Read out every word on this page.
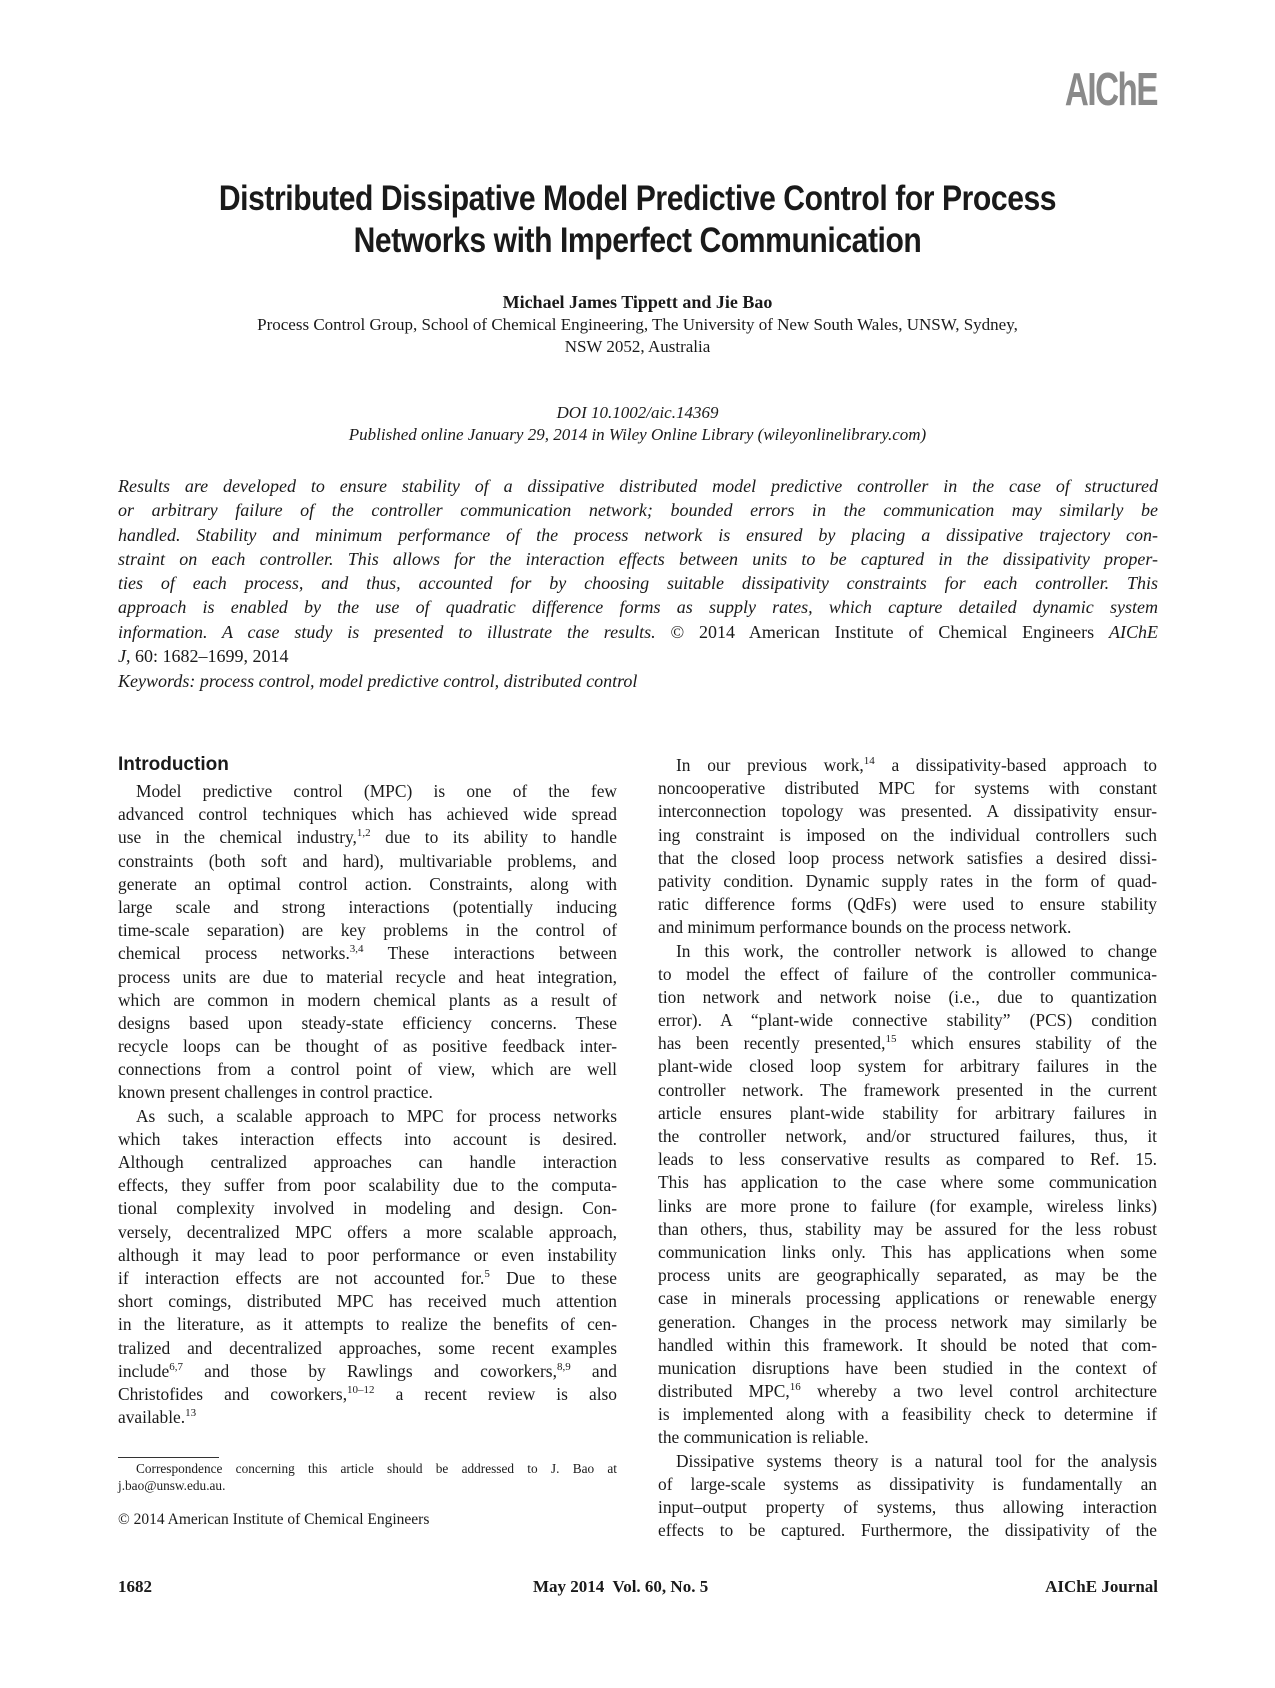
AIChE
Distributed Dissipative Model Predictive Control for Process
Networks with Imperfect Communication
Michael James Tippett and Jie Bao
Process Control Group, School of Chemical Engineering, The University of New South Wales, UNSW, Sydney,
NSW 2052, Australia
DOI 10.1002/aic.14369
Published online January 29, 2014 in Wiley Online Library (wileyonlinelibrary.com)
Results are developed to ensure stability of a dissipative distributed model predictive controller in the case of structured
or arbitrary failure of the controller communication network; bounded errors in the communication may similarly be
handled. Stability and minimum performance of the process network is ensured by placing a dissipative trajectory con-
straint on each controller. This allows for the interaction effects between units to be captured in the dissipativity proper-
ties of each process, and thus, accounted for by choosing suitable dissipativity constraints for each controller. This
approach is enabled by the use of quadratic difference forms as supply rates, which capture detailed dynamic system
information. A case study is presented to illustrate the results. © 2014 American Institute of Chemical Engineers AIChE
J, 60: 1682–1699, 2014
Keywords: process control, model predictive control, distributed control
Introduction
Model predictive control (MPC) is one of the few
advanced control techniques which has achieved wide spread
use in the chemical industry,$^{1,2}$ due to its ability to handle
constraints (both soft and hard), multivariable problems, and
generate an optimal control action. Constraints, along with
large scale and strong interactions (potentially inducing
time-scale separation) are key problems in the control of
chemical process networks.$^{3,4}$ These interactions between
process units are due to material recycle and heat integration,
which are common in modern chemical plants as a result of
designs based upon steady-state efficiency concerns. These
recycle loops can be thought of as positive feedback inter-
connections from a control point of view, which are well
known present challenges in control practice.
As such, a scalable approach to MPC for process networks
which takes interaction effects into account is desired.
Although centralized approaches can handle interaction
effects, they suffer from poor scalability due to the computa-
tional complexity involved in modeling and design. Con-
versely, decentralized MPC offers a more scalable approach,
although it may lead to poor performance or even instability
if interaction effects are not accounted for.$^5$ Due to these
short comings, distributed MPC has received much attention
in the literature, as it attempts to realize the benefits of cen-
tralized and decentralized approaches, some recent examples
include$^{6,7}$ and those by Rawlings and coworkers,$^{8,9}$ and
Christofides and coworkers,$^{10-12}$ a recent review is also
available.$^{13}$
In our previous work,$^{14}$ a dissipativity-based approach to
noncooperative distributed MPC for systems with constant
interconnection topology was presented. A dissipativity ensur-
ing constraint is imposed on the individual controllers such
that the closed loop process network satisfies a desired dissi-
pativity condition. Dynamic supply rates in the form of quad-
ratic difference forms (QdFs) were used to ensure stability
and minimum performance bounds on the process network.
In this work, the controller network is allowed to change
to model the effect of failure of the controller communica-
tion network and network noise (i.e., due to quantization
error). A “plant-wide connective stability” (PCS) condition
has been recently presented,$^{15}$ which ensures stability of the
plant-wide closed loop system for arbitrary failures in the
controller network. The framework presented in the current
article ensures plant-wide stability for arbitrary failures in
the controller network, and/or structured failures, thus, it
leads to less conservative results as compared to Ref. 15.
This has application to the case where some communication
links are more prone to failure (for example, wireless links)
than others, thus, stability may be assured for the less robust
communication links only. This has applications when some
process units are geographically separated, as may be the
case in minerals processing applications or renewable energy
generation. Changes in the process network may similarly be
handled within this framework. It should be noted that com-
munication disruptions have been studied in the context of
distributed MPC,$^{16}$ whereby a two level control architecture
is implemented along with a feasibility check to determine if
the communication is reliable.
Dissipative systems theory is a natural tool for the analysis
of large-scale systems as dissipativity is fundamentally an
input–output property of systems, thus allowing interaction
effects to be captured. Furthermore, the dissipativity of the
Correspondence concerning this article should be addressed to J. Bao at
j.bao@unsw.edu.au.
© 2014 American Institute of Chemical Engineers
1682	May 2014  Vol. 60, No. 5	AIChE Journal
